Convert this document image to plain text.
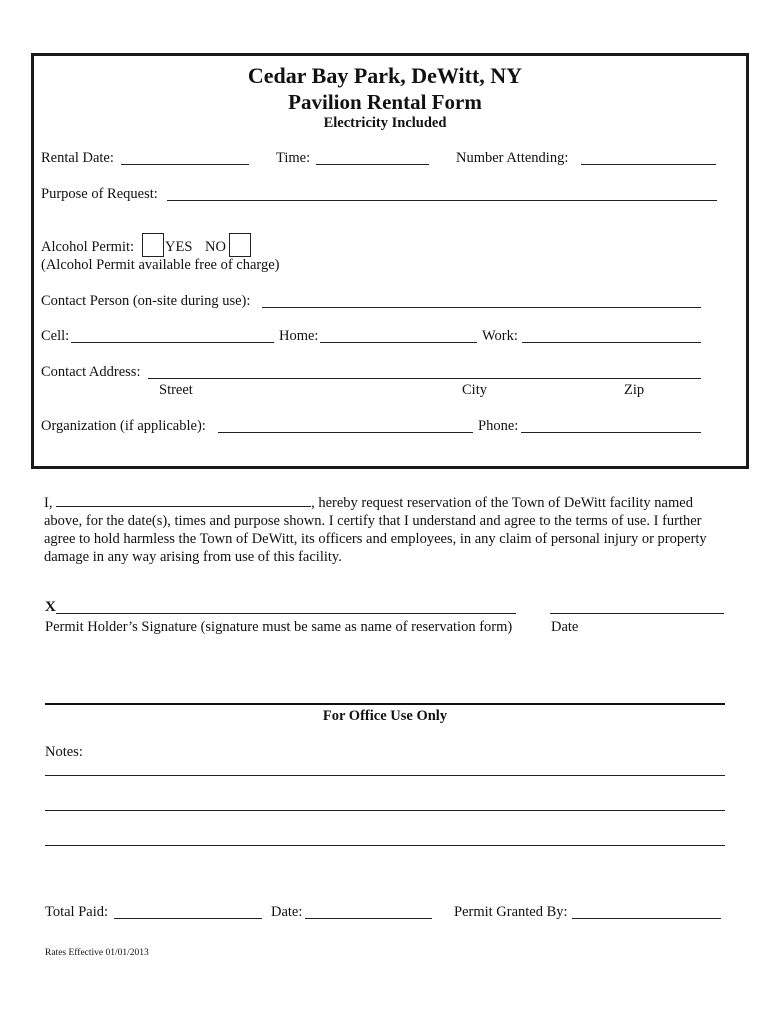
Cedar Bay Park, DeWitt, NY
Pavilion Rental Form
Electricity Included
Rental Date:	Time:	Number Attending:
Purpose of Request:
Alcohol Permit: YES NO
(Alcohol Permit available free of charge)
Contact Person (on-site during use):
Cell:	Home:	Work:
Contact Address:
Street	City	Zip
Organization (if applicable):	Phone:
I,	, hereby request reservation of the Town of DeWitt facility named above, for the date(s), times and purpose shown. I certify that I understand and agree to the terms of use. I further agree to hold harmless the Town of DeWitt, its officers and employees, in any claim of personal injury or property damage in any way arising from use of this facility.
X
Permit Holder’s Signature (signature must be same as name of reservation form)	Date
For Office Use Only
Notes:
Total Paid:	Date:	Permit Granted By:
Rates Effective 01/01/2013
